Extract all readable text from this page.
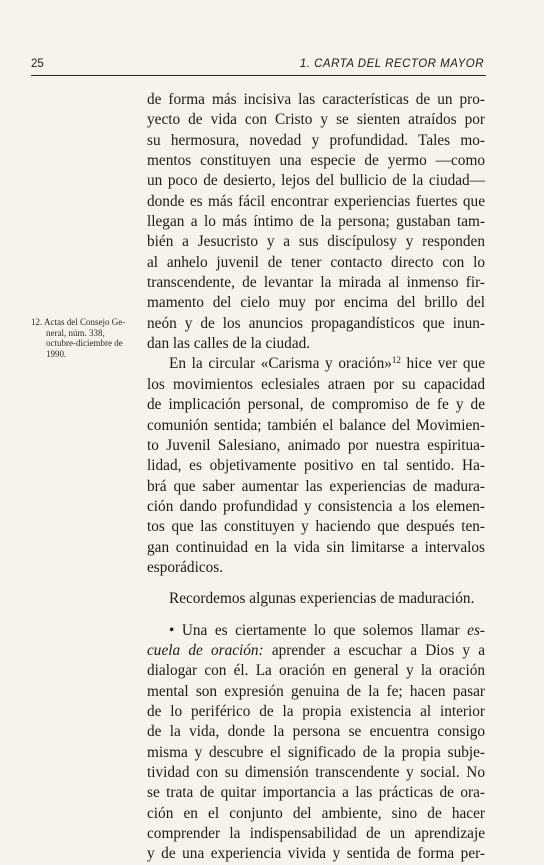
25	1. CARTA DEL RECTOR MAYOR
12. Actas del Consejo Ge-
neral, núm. 338,
octubre-diciembre de
1990.

de forma más incisiva las características de un pro-
yecto de vida con Cristo y se sienten atraídos por
su hermosura, novedad y profundidad. Tales mo-
mentos constituyen una especie de yermo —como
un poco de desierto, lejos del bullicio de la ciudad—
donde es más fácil encontrar experiencias fuertes que
llegan a lo más íntimo de la persona; gustaban tam-
bién a Jesucristo y a sus discípulosy y responden
al anhelo juvenil de tener contacto directo con lo
transcendente, de levantar la mirada al inmenso fir-
mamento del cielo muy por encima del brillo del
neón y de los anuncios propagandísticos que inun-
dan las calles de la ciudad.

En la circular «Carisma y oración»$^{12}$ hice ver que
los movimientos eclesiales atraen por su capacidad
de implicación personal, de compromiso de fe y de
comunión sentida; también el balance del Movimien-
to Juvenil Salesiano, animado por nuestra espiritua-
lidad, es objetivamente positivo en tal sentido. Ha-
brá que saber aumentar las experiencias de madura-
ción dando profundidad y consistencia a los elemen-
tos que las constituyen y haciendo que después ten-
gan continuidad en la vida sin limitarse a intervalos
esporádicos.

Recordemos algunas experiencias de maduración.

• Una es ciertamente lo que solemos llamar es-
cuela de oración: aprender a escuchar a Dios y a
dialogar con él. La oración en general y la oración
mental son expresión genuina de la fe; hacen pasar
de lo periférico de la propia existencia al interior
de la vida, donde la persona se encuentra consigo
misma y descubre el significado de la propia subje-
tividad con su dimensión transcendente y social. No
se trata de quitar importancia a las prácticas de ora-
ción en el conjunto del ambiente, sino de hacer
comprender la indispensabilidad de un aprendizaje
y de una experiencia vivida y sentida de forma per-
